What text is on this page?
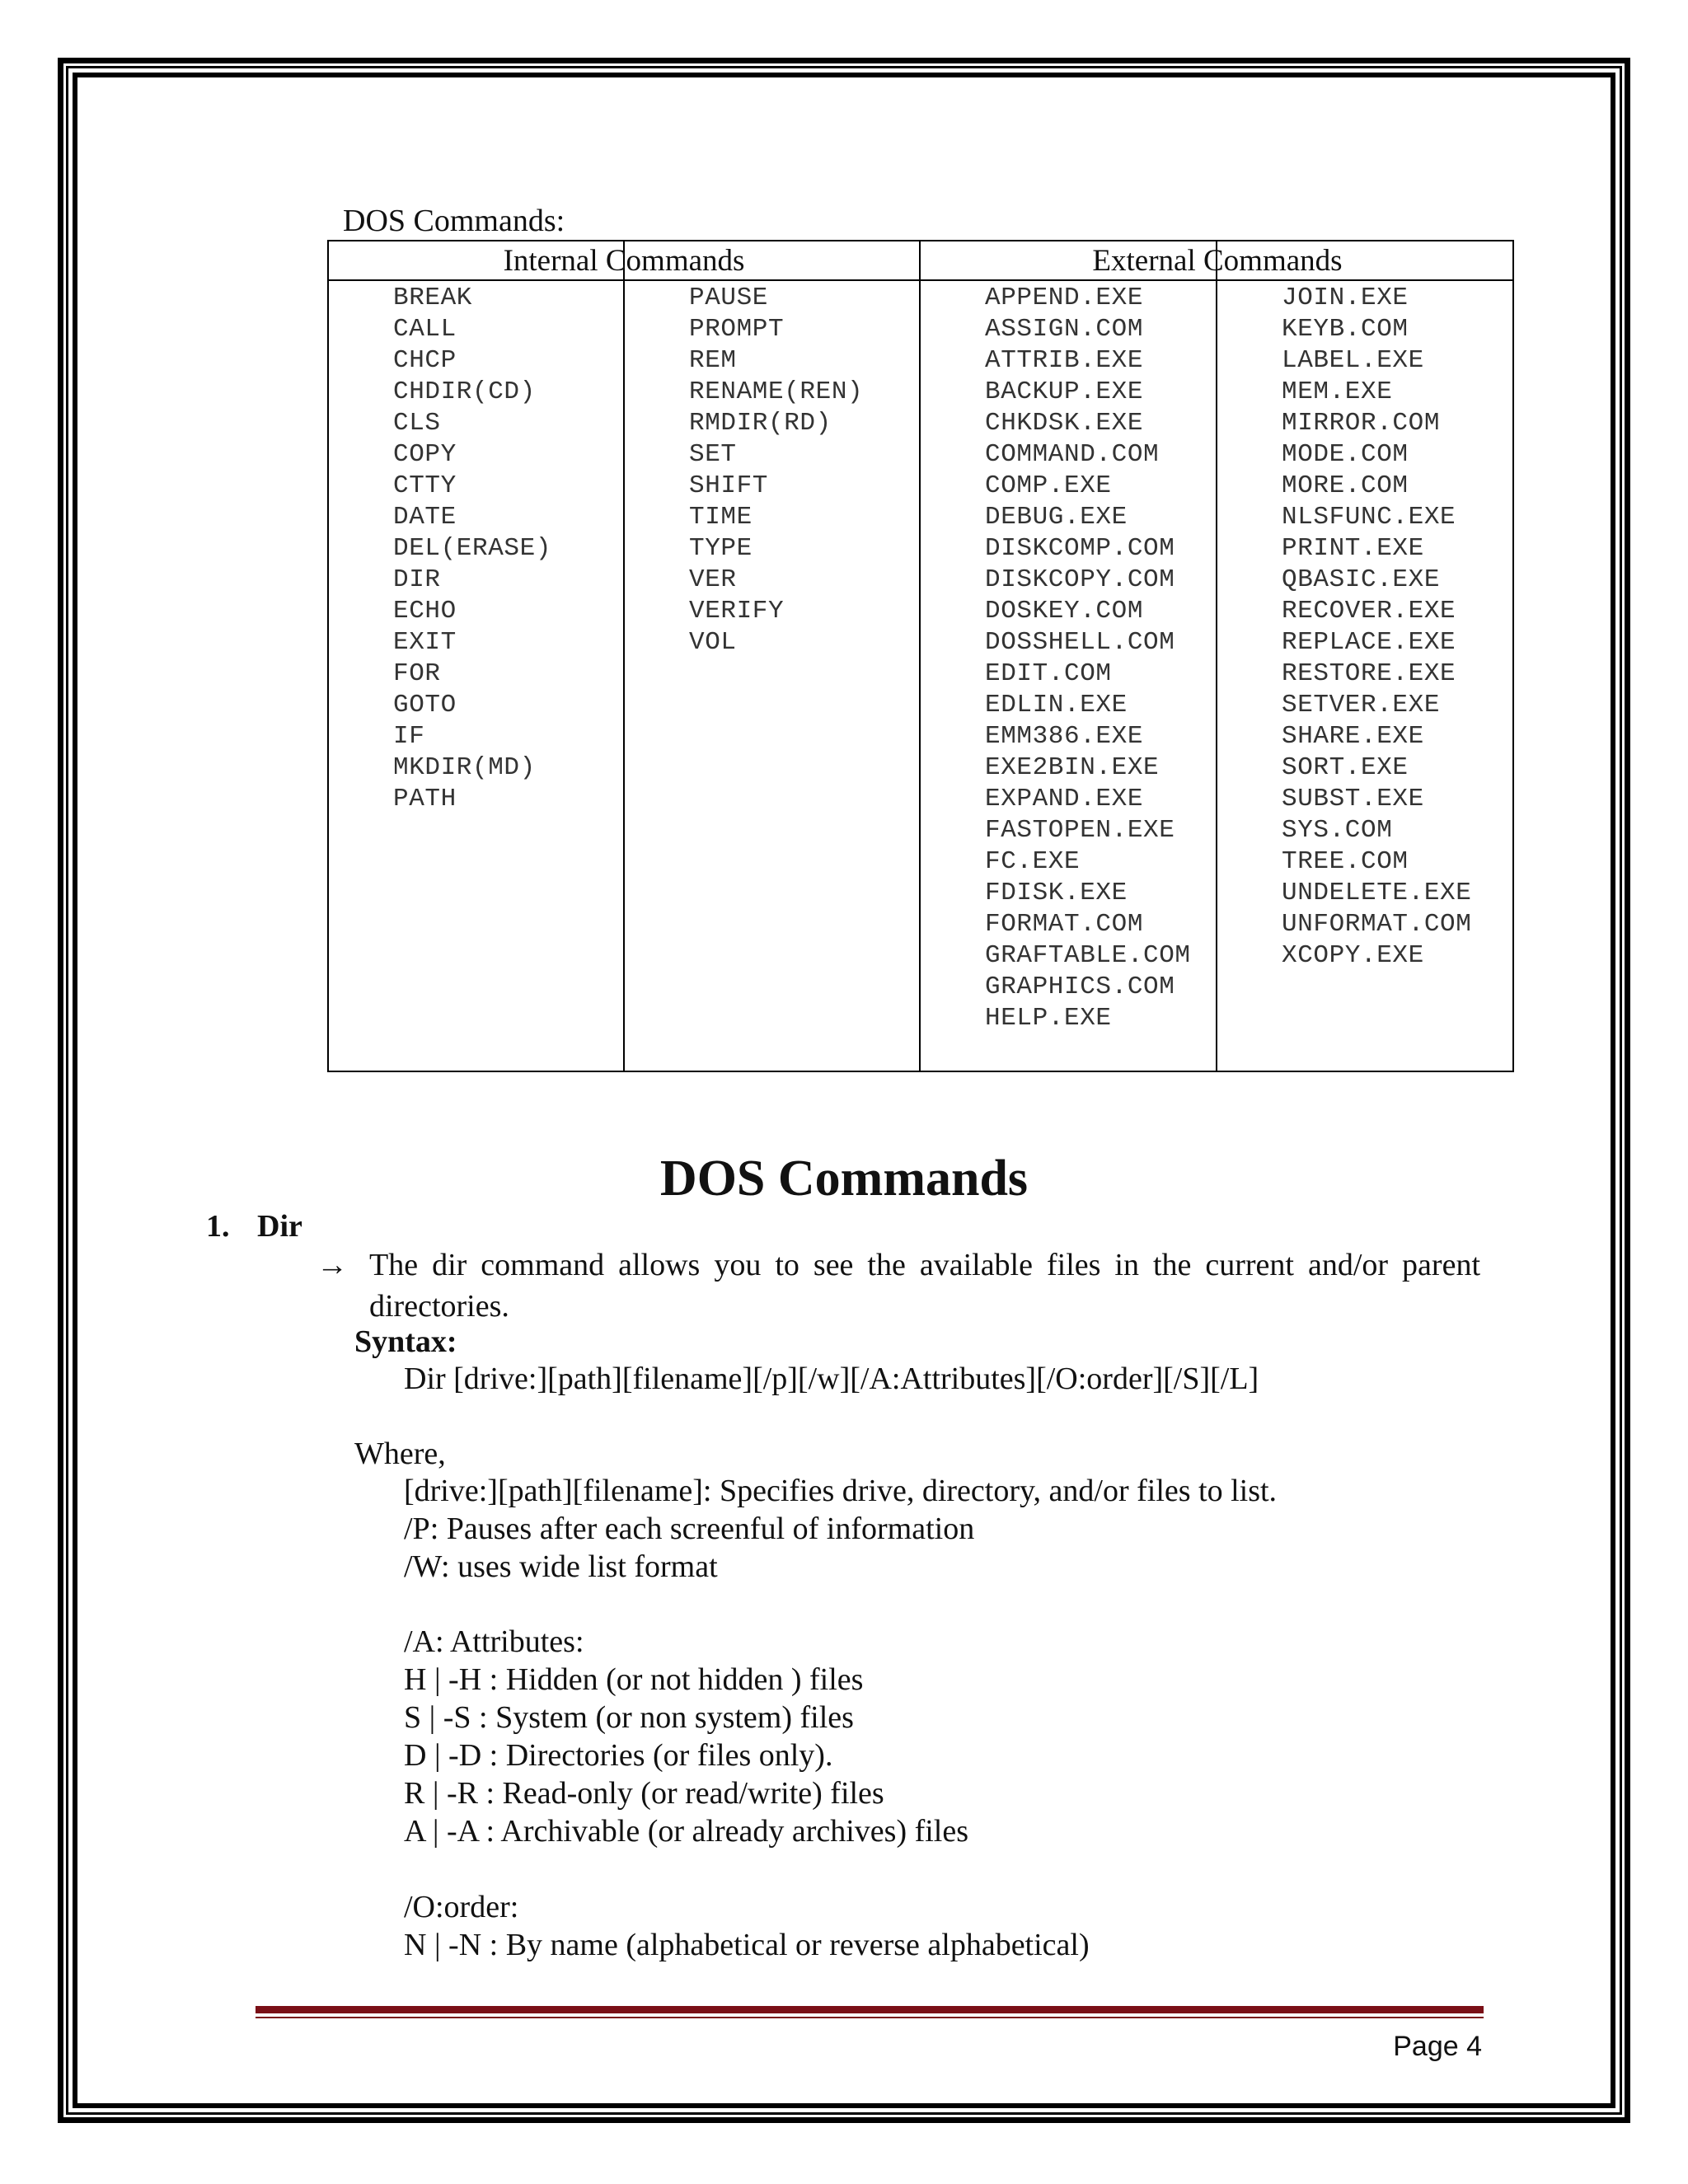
DOS Commands:
Internal Commands	External Commands
BREAK
CALL
CHCP
CHDIR(CD)
CLS
COPY
CTTY
DATE
DEL(ERASE)
DIR
ECHO
EXIT
FOR
GOTO
IF
MKDIR(MD)
PATH
PAUSE
PROMPT
REM
RENAME(REN)
RMDIR(RD)
SET
SHIFT
TIME
TYPE
VER
VERIFY
VOL
APPEND.EXE
ASSIGN.COM
ATTRIB.EXE
BACKUP.EXE
CHKDSK.EXE
COMMAND.COM
COMP.EXE
DEBUG.EXE
DISKCOMP.COM
DISKCOPY.COM
DOSKEY.COM
DOSSHELL.COM
EDIT.COM
EDLIN.EXE
EMM386.EXE
EXE2BIN.EXE
EXPAND.EXE
FASTOPEN.EXE
FC.EXE
FDISK.EXE
FORMAT.COM
GRAFTABLE.COM
GRAPHICS.COM
HELP.EXE
JOIN.EXE
KEYB.COM
LABEL.EXE
MEM.EXE
MIRROR.COM
MODE.COM
MORE.COM
NLSFUNC.EXE
PRINT.EXE
QBASIC.EXE
RECOVER.EXE
REPLACE.EXE
RESTORE.EXE
SETVER.EXE
SHARE.EXE
SORT.EXE
SUBST.EXE
SYS.COM
TREE.COM
UNDELETE.EXE
UNFORMAT.COM
XCOPY.EXE
DOS Commands
1. Dir
→ The dir command allows you to see the available files in the current and/or parent directories.
Syntax:
Dir [drive:][path][filename][/p][/w][/A:Attributes][/O:order][/S][/L]
Where,
[drive:][path][filename]: Specifies drive, directory, and/or files to list.
/P: Pauses after each screenful of information
/W: uses wide list format
/A: Attributes:
H | -H : Hidden (or not hidden ) files
S | -S : System (or non system) files
D | -D : Directories (or files only).
R | -R : Read-only (or read/write) files
A | -A : Archivable (or already archives) files
/O:order:
N | -N : By name (alphabetical or reverse alphabetical)
Page 4
